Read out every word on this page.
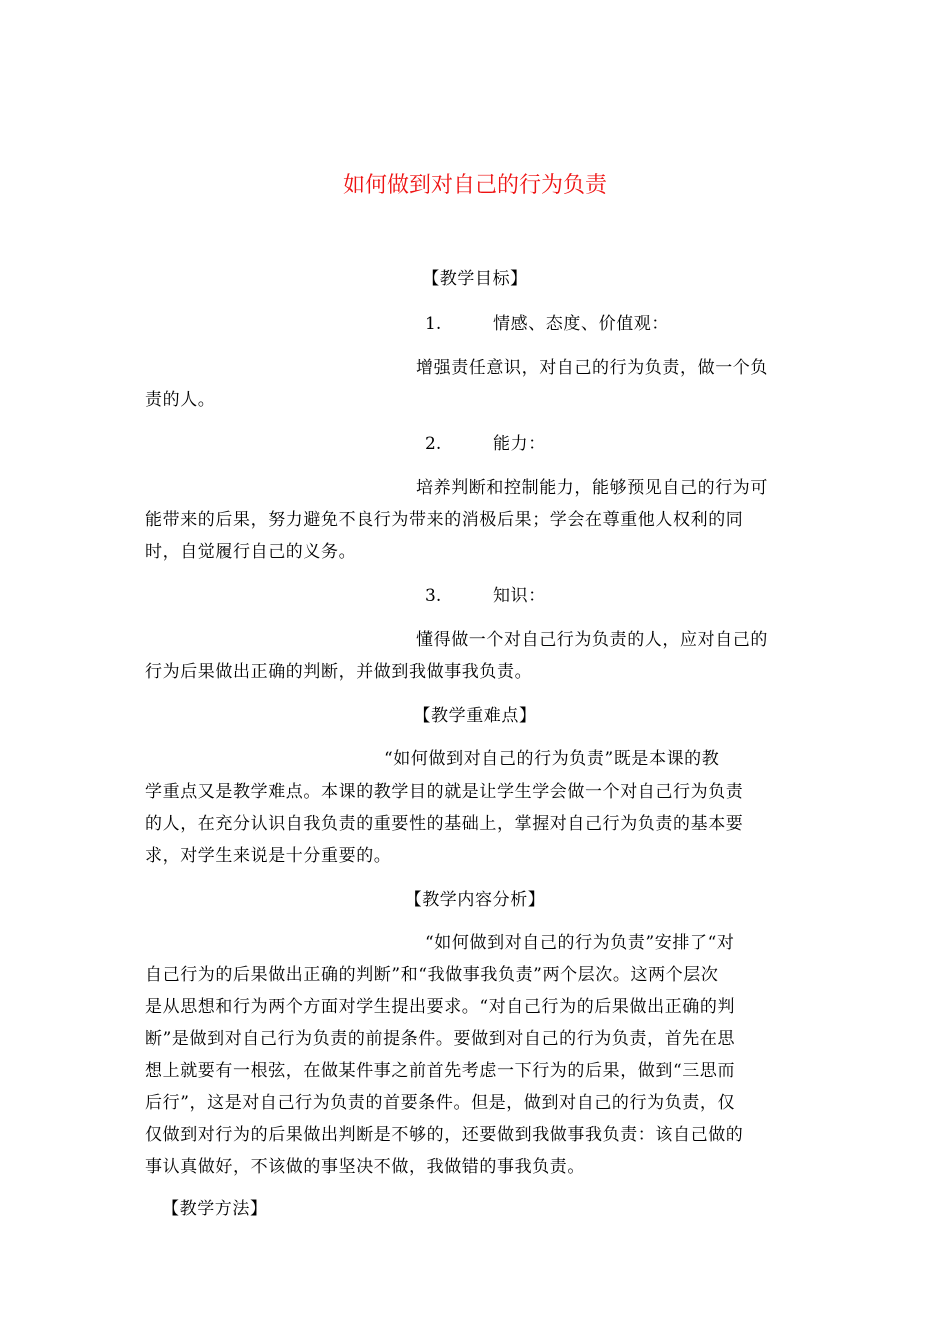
如何做到对自己的行为负责
【教学目标】
1.	情感、态度、价值观：
增强责任意识，对自己的行为负责，做一个负
责的人。
2.	能力：
培养判断和控制能力，能够预见自己的行为可
能带来的后果，努力避免不良行为带来的消极后果；学会在尊重他人权利的同
时，自觉履行自己的义务。
3.	知识：
懂得做一个对自己行为负责的人，应对自己的
行为后果做出正确的判断，并做到我做事我负责。
【教学重难点】
“如何做到对自己的行为负责”既是本课的教
学重点又是教学难点。本课的教学目的就是让学生学会做一个对自己行为负责
的人，在充分认识自我负责的重要性的基础上，掌握对自己行为负责的基本要
求，对学生来说是十分重要的。
【教学内容分析】
“如何做到对自己的行为负责”安排了“对
自己行为的后果做出正确的判断”和“我做事我负责”两个层次。这两个层次
是从思想和行为两个方面对学生提出要求。“对自己行为的后果做出正确的判
断”是做到对自己行为负责的前提条件。要做到对自己的行为负责，首先在思
想上就要有一根弦，在做某件事之前首先考虑一下行为的后果，做到“三思而
后行”，这是对自己行为负责的首要条件。但是，做到对自己的行为负责，仅
仅做到对行为的后果做出判断是不够的，还要做到我做事我负责：该自己做的
事认真做好，不该做的事坚决不做，我做错的事我负责。
【教学方法】
